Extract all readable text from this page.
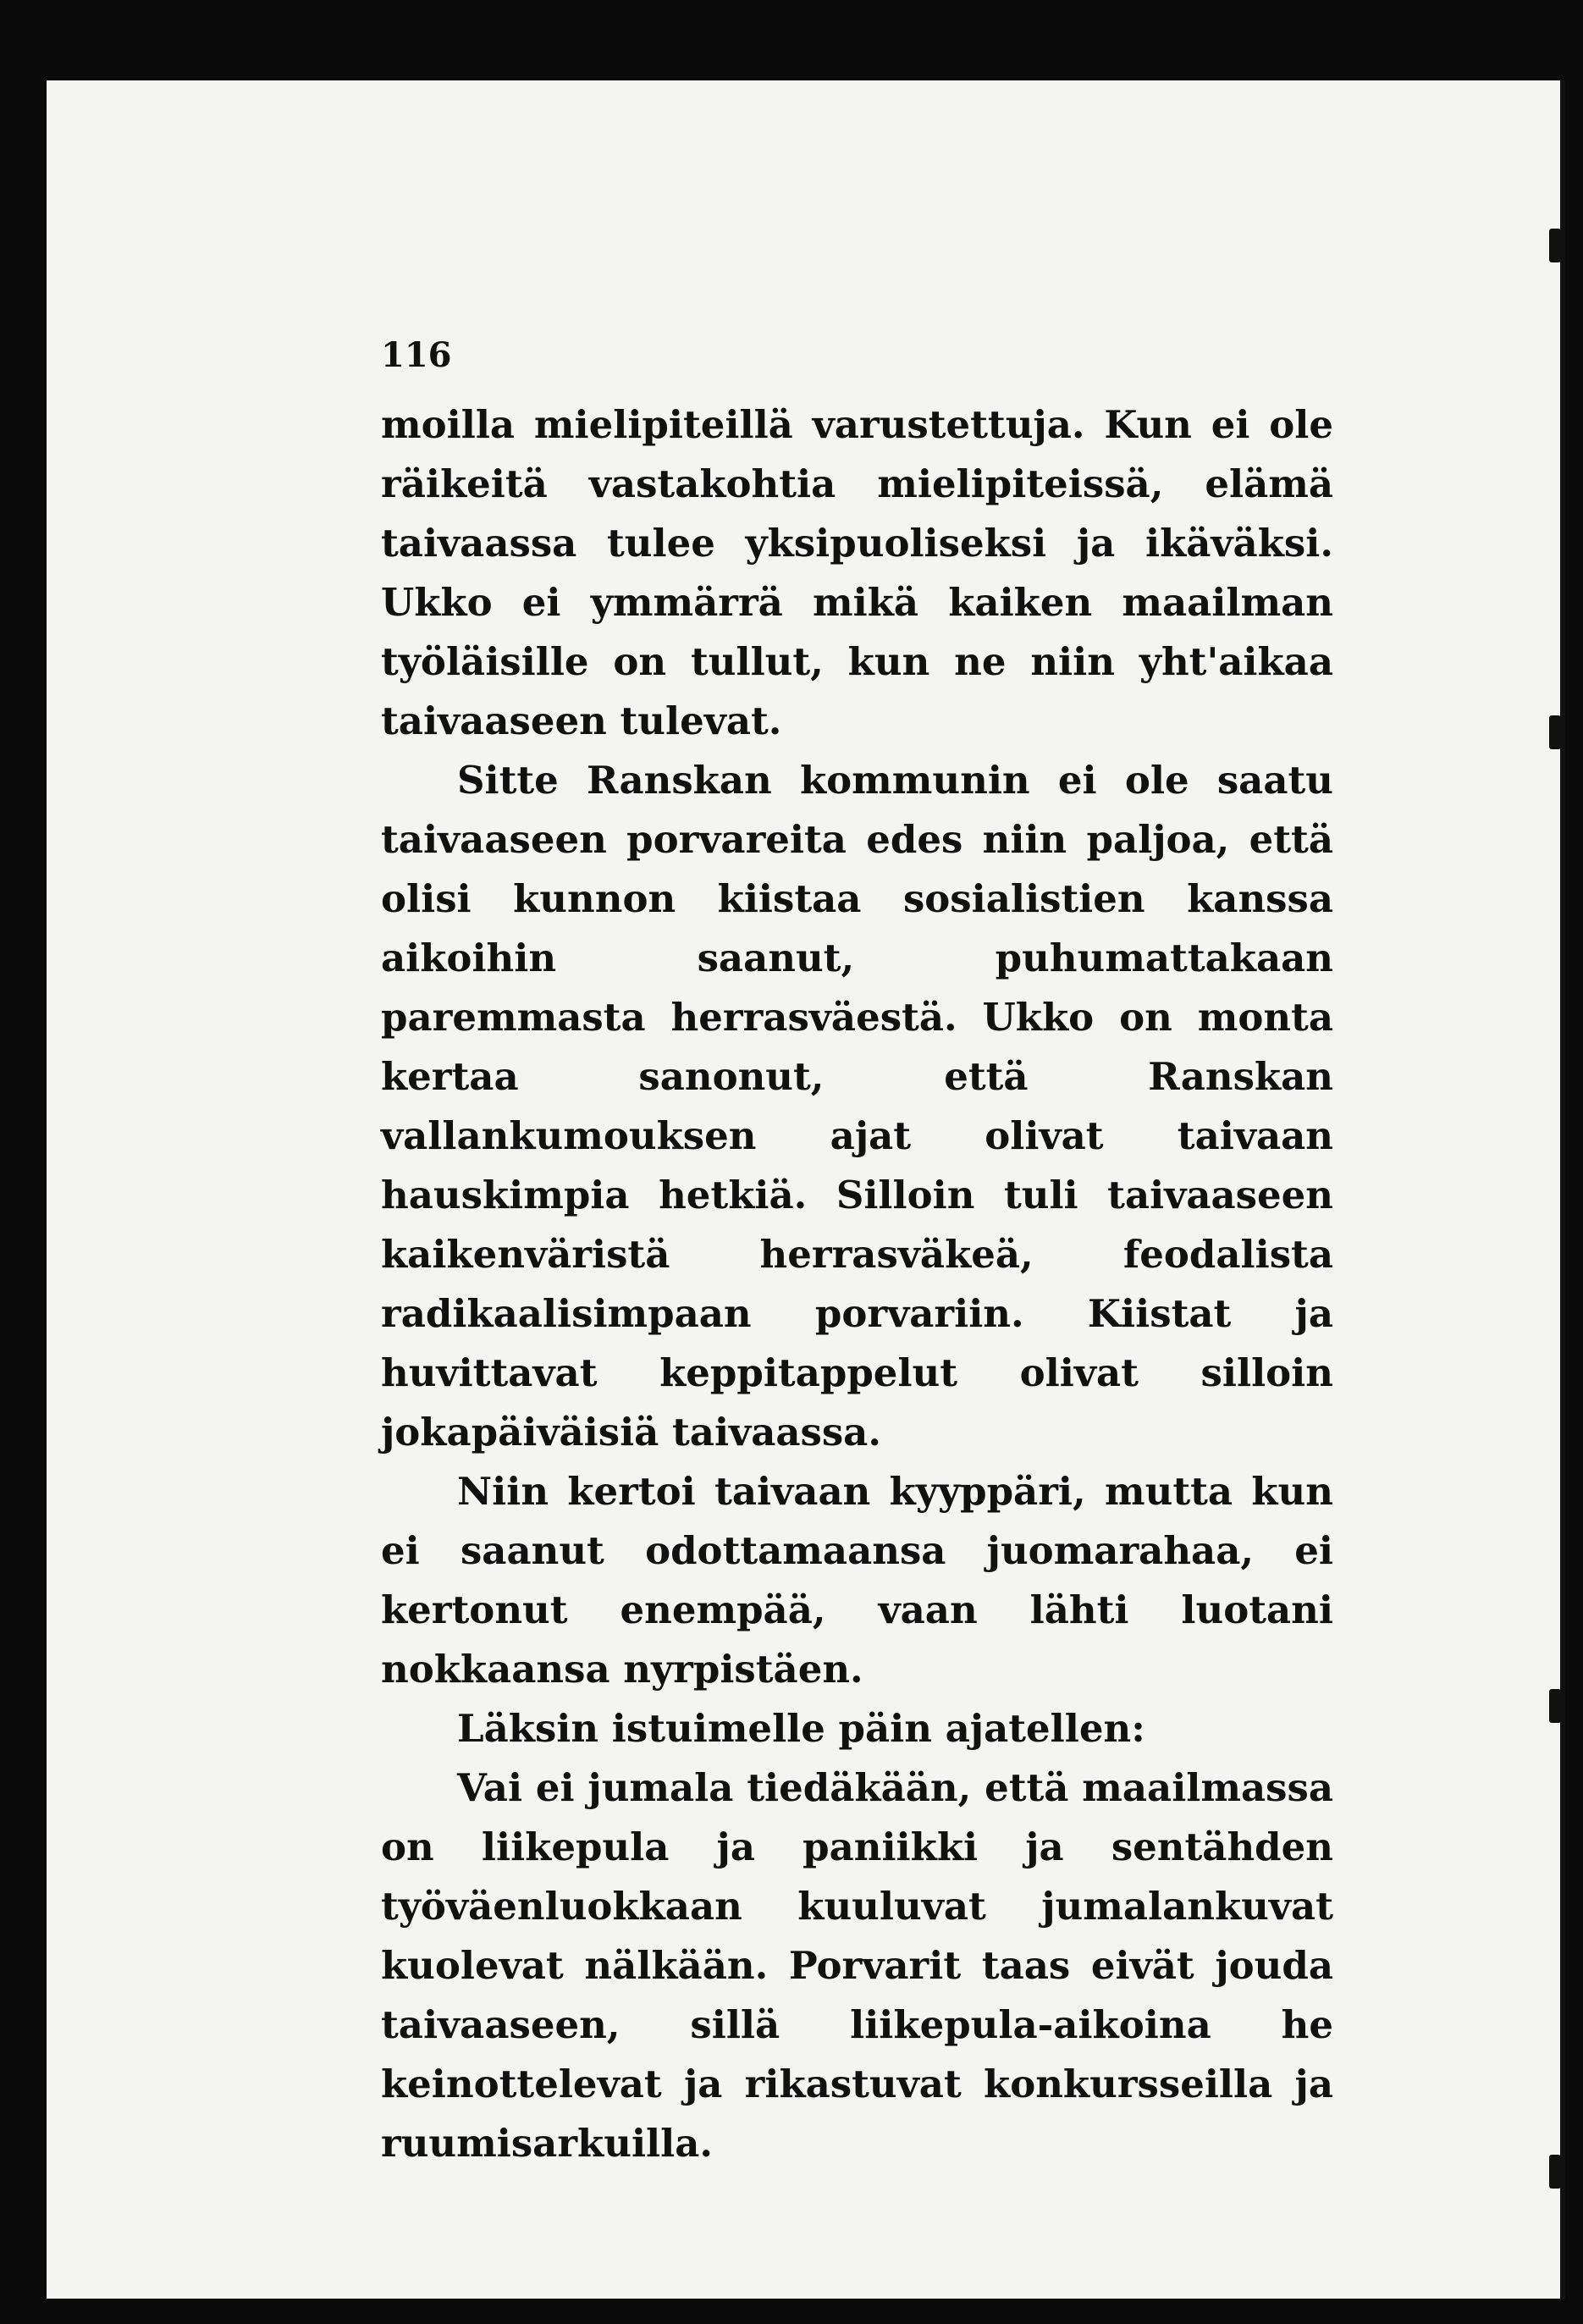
116

moilla mielipiteillä varustettuja. Kun ei ole räikeitä vastakohtia mielipiteissä, elämä taivaassa tulee yksipuoliseksi ja ikäväksi. Ukko ei ymmärrä mikä kaiken maailman työläisille on tullut, kun ne niin yht'aikaa taivaaseen tulevat.

Sitte Ranskan kommunin ei ole saatu taivaaseen porvareita edes niin paljoa, että olisi kunnon kiistaa sosialistien kanssa aikoihin saanut, puhumattakaan paremmasta herrasväestä. Ukko on monta kertaa sanonut, että Ranskan vallankumouksen ajat olivat taivaan hauskimpia hetkiä. Silloin tuli taivaaseen kaikenväristä herrasväkeä, feodalista radikaalisimpaan porvariin. Kiistat ja huvittavat keppitappelut olivat silloin jokapäiväisiä taivaassa.

Niin kertoi taivaan kyyppäri, mutta kun ei saanut odottamaansa juomarahaa, ei kertonut enempää, vaan lähti luotani nokkaansa nyrpistäen.

Läksin istuimelle päin ajatellen:

Vai ei jumala tiedäkään, että maailmassa on liikepula ja paniikki ja sentähden työväenluokkaan kuuluvat jumalankuvat kuolevat nälkään. Porvarit taas eivät jouda taivaaseen, sillä liikepula-aikoina he keinottelevat ja rikastuvat konkursseilla ja ruumisarkuilla.
